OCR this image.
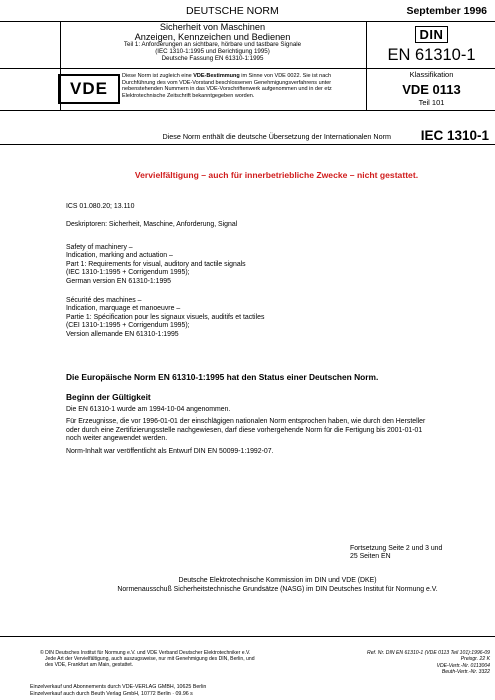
DEUTSCHE NORM	September 1996
Sicherheit von Maschinen
Anzeigen, Kennzeichen und Bedienen
Teil 1: Anforderungen an sichtbare, hörbare und tastbare Signale
(IEC 1310-1:1995 und Berichtigung 1995)
Deutsche Fassung EN 61310-1:1995
DIN
EN 61310-1
VDE
Diese Norm ist zugleich eine VDE-Bestimmung im Sinne von VDE 0022. Sie ist nach Durchführung des vom VDE-Vorstand beschlossenen Genehmigungsverfahrens unter nebenstehenden Nummern in das VDE-Vorschriftenwerk aufgenommen und in der etz Elektrotechnische Zeitschrift bekanntgegeben worden.
Klassifikation
VDE 0113
Teil 101
Diese Norm enthält die deutsche Übersetzung der Internationalen Norm IEC 1310-1
Vervielfältigung – auch für innerbetriebliche Zwecke – nicht gestattet.
ICS 01.080.20; 13.110
Deskriptoren: Sicherheit, Maschine, Anforderung, Signal
Safety of machinery –
Indication, marking and actuation –
Part 1: Requirements for visual, auditory and tactile signals
(IEC 1310-1:1995 + Corrigendum 1995);
German version EN 61310-1:1995
Sécurité des machines –
Indication, marquage et manoeuvre –
Partie 1: Spécification pour les signaux visuels, auditifs et tactiles
(CEI 1310-1:1995 + Corrigendum 1995);
Version allemande EN 61310-1:1995
Die Europäische Norm EN 61310-1:1995 hat den Status einer Deutschen Norm.
Beginn der Gültigkeit
Die EN 61310-1 wurde am 1994-10-04 angenommen.
Für Erzeugnisse, die vor 1996-01-01 der einschlägigen nationalen Norm entsprochen haben, wie durch den Hersteller
oder durch eine Zertifizierungsstelle nachgewiesen, darf diese vorhergehende Norm für die Fertigung bis 2001-01-01
noch weiter angewendet werden.
Norm-Inhalt war veröffentlicht als Entwurf DIN EN 50099-1:1992-07.
Fortsetzung Seite 2 und 3 und
25 Seiten EN
Deutsche Elektrotechnische Kommission im DIN und VDE (DKE)
Normenausschuß Sicherheitstechnische Grundsätze (NASG) im DIN Deutsches Institut für Normung e.V.
© DIN Deutsches Institut für Normung e.V. und VDE Verband Deutscher Elektrotechniker e.V.
Jede Art der Vervielfältigung, auch auszugsweise, nur mit Genehmigung des DIN, Berlin, und
des VDE, Frankfurt am Main, gestattet.
Ref. Nr. DIN EN 61310-1 (VDE 0113 Teil 101):1996-09
Preisgr. 22 K
VDE-Vertr.-Nr. 0113004
Beuth-Vertr.-Nr. 3322
Einzelverkauf und Abonnements durch VDE-VERLAG GMBH, 10625 Berlin
Einzelverkauf auch durch Beuth Verlag GmbH, 10772 Berlin · 09.96 s
